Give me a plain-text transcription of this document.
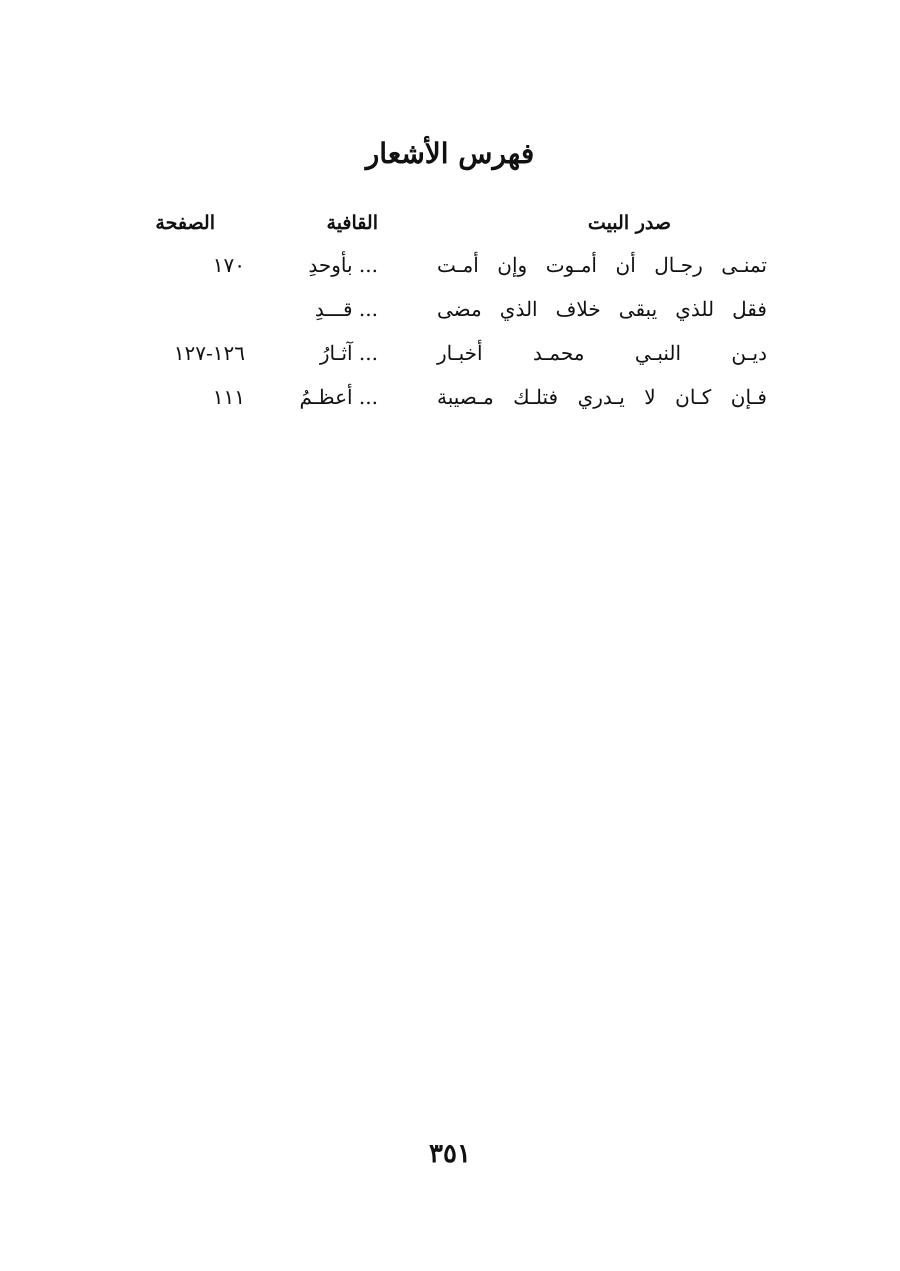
فهرس الأشعار
صدر البيت
القافية
الصفحة
تمنـى رجـال أن أمـوت وإن أمـت
... بأوحدِ
١٧٠
فقل للذي يبقى خلاف الذي مضى
... قـــدِ
ديـن النبـي محمـد أخبـار
... آثـارُ
١٢٦-١٢٧
فـإن كـان لا يـدري فتلـك مـصيبة
... أعظـمُ
١١١
٣٥١
